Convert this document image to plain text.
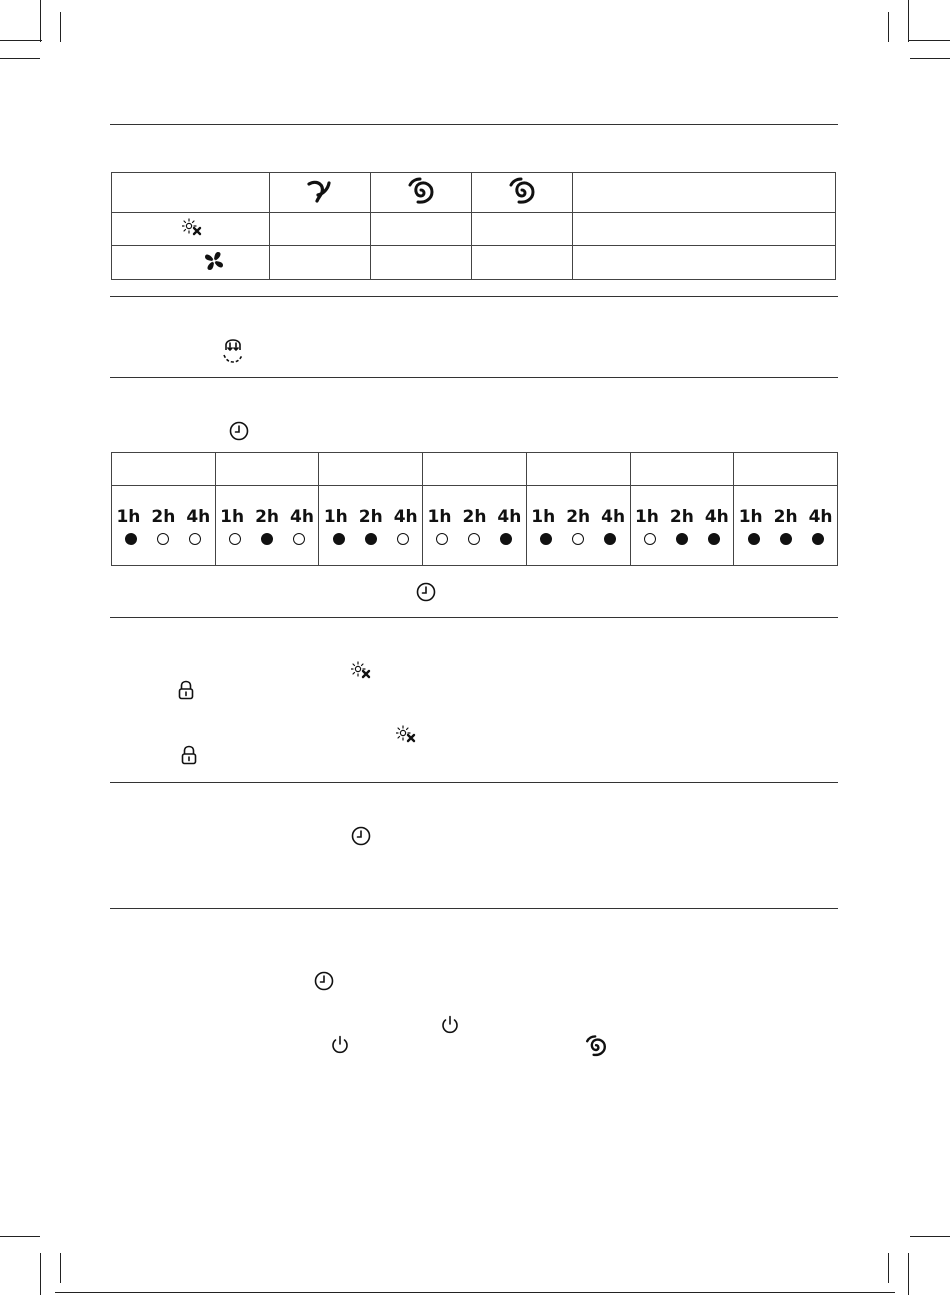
1h 2h 4h	1h 2h 4h	1h 2h 4h	1h 2h 4h	1h 2h 4h	1h 2h 4h	1h 2h 4h
